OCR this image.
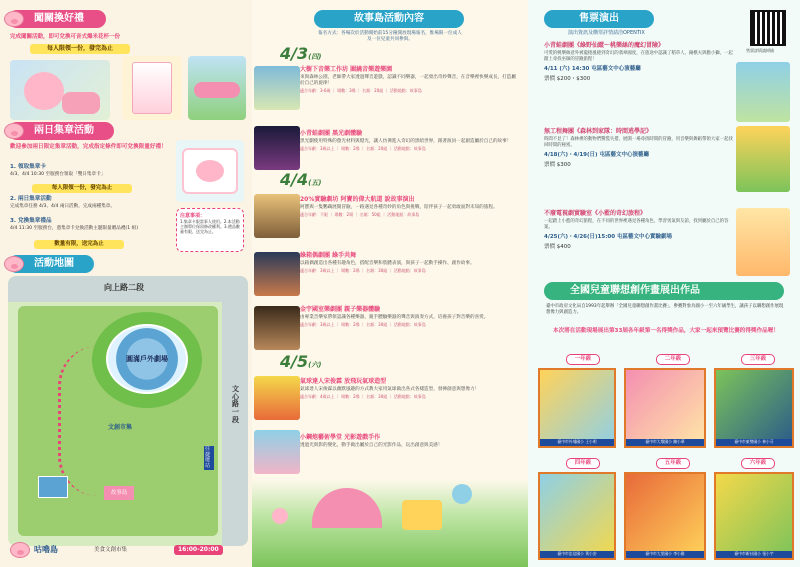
闖關換好禮
完成闖關活動，即可兌換可音式爆米花杯一份
每人限領一份，發完為止
兩日集章活動
歡迎參加兩日限定集章活動，完成指定條件即可兌換限量好禮！
1. 領取集章卡
4/3、4/4 10:30 至服務台領取「雙日集章卡」
每人限領一份，發完為止
2. 兩日集章活動
完成集章任務 4/3、4/4 兩日活動，完成兩種集章。
3. 兌換集章禮品
4/4 11:30 至服務台，憑集章卡兌換活動主題限量贈品禮(1 組)
數量有限，送完為止
注意事項：
1.集章卡限當事人使用。2.本活動主辦單位保留修改權利。3.禮品數量有限，送完為止。
活動地圖
向上路二段
文心路一段
圓滿戶外劇場
文創市集
往捷運站
故事島
咕嚕島	美食文創市集	16:00-20:00
故事島活動內容
報名方式：各場次於活動開始前15分鐘開放現場報名，惟場限一位成人及一位兒童共同參與。
4/3(四)
大樹下音樂工作坊 圍繞音樂遊樂園
來與森林公園，老師帶大家透過聲音遊戲，認識不同樂器，一起發出奇妙聲音，在音樂裡快樂成長，打造屬於自己的旋律！
適合年齡：3-6歲 ｜ 場數：3場 ｜ 名額：20組 ｜ 活動地點：故事島
小青蛙劇團 黑光劇體驗
黑光劇使用特殊的螢光材料與燈光，讓人彷彿進入奇幻的黑暗世界，跟著演員一起創造屬於自己的故事！
適合年齡：3歲以上 ｜ 場數：2場 ｜ 名額：20組 ｜ 活動地點：故事島
4/4(五)
20%實驗劇坊 阿寶的偉大航道 說故事演出
阿寶與一隻鸚鵡展開冒險，一路遇見各種奇妙的角色與挑戰，陪伴孩子一起勇敢面對未知的旅程。
適合年齡：不限 ｜ 場數：2場 ｜ 名額：50組 ｜ 活動地點：故事島
綠箱偶劇團 綠手共舞
以箱偶創造出各種有趣角色，搭配音樂和肢體表演，與孩子一起動手操作、創作故事。
適合年齡：3歲以上 ｜ 場數：2場 ｜ 名額：30組 ｜ 活動地點：故事島
金宇國室樂劇團 親子樂器體驗
由專業音樂家帶領認識各種樂器，親手體驗樂器的聲音與演奏方式，培養孩子對音樂的喜愛。
適合年齡：3歲以上 ｜ 場數：2場 ｜ 名額：30組 ｜ 活動地點：故事島
4/5(六)
氣球達人宋俊霖 放飛玩氣球造型
氣球達人宋俊霖以幽默風趣的方式教大家用氣球做出各式各樣造型，發揮創意與想像力！
適合年齡：4歲以上 ｜ 場數：2場 ｜ 名額：30組 ｜ 活動地點：故事島
小鋼炮藝術學堂 光影遊戲手作
透過光與影的變化，動手做出屬於自己的光影作品，玩出創意與美感！
售票演出
演出資訊及購票詳情請洽OPENTIX
售票詳情請掃描
小青蛙劇團《綠野仙蹤～桃樂絲的魔幻冒險》
可愛的桃樂絲意外被龍捲風捲到奇幻的翡翠國度，在旅途中認識了稻草人、錫樵夫與膽小獅，一起踏上尋找巫師的冒險旅程！
4/11 (六) 14:30 屯區藝文中心演藝廳
票價 $200・$300
無工程舞團《森林到家隊：時間逃學記》
時間不見了！森林裡的動物們驚慌失措，展開一場尋找時間的冒險，用音樂與舞蹈帶領大家一起找回時間的秘密。
4/18(六)・4/19(日) 屯區藝文中心演藝廳
票價 $300
不廢電視劇實驗室《小藍的奇幻旅程》
一起踏上小藍的奇幻旅程，在不同的世界裡遇見各種角色，學習勇氣與友誼，找到屬於自己的答案。
4/25(六)・4/26(日)15:00 屯區藝文中心實驗劇場
票價 $400
全國兒童聯想創作畫展出作品
臺中市政府文化局自1993年起舉辦「全國兒童聯想創作畫比賽」，參賽對象為國小一至六年級學生，讓孩子以聯想創作展現想像力與創造力。
本次將在活動現場展出第33屆各年級第一名得獎作品，大家一起來預覽比賽的得獎作品喔！
一年級	二年級	三年級
臺中市外埔國小 王小明	臺中市大墩國小 陳小華	臺中市東勢國小 林小芬
四年級	五年級	六年級
臺中市忠信國小 黃小安	臺中市大里國小 李小雅	臺中市新社國小 張小宇
